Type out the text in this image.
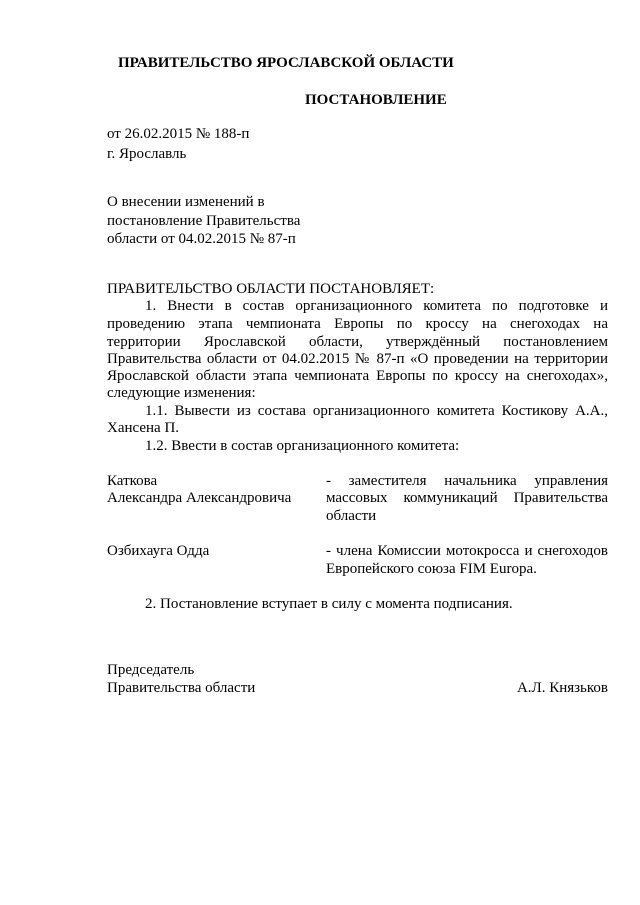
ПРАВИТЕЛЬСТВО ЯРОСЛАВСКОЙ ОБЛАСТИ
ПОСТАНОВЛЕНИЕ
от 26.02.2015 № 188-п
г. Ярославль
О внесении изменений в
постановление Правительства
области от 04.02.2015 № 87-п
ПРАВИТЕЛЬСТВО ОБЛАСТИ ПОСТАНОВЛЯЕТ:
1. Внести в состав организационного комитета по подготовке и
проведению этапа чемпионата Европы по кроссу на снегоходах на
территории Ярославской области, утверждённый постановлением
Правительства области от 04.02.2015 № 87-п «О проведении на территории
Ярославской области этапа чемпионата Европы по кроссу на снегоходах»,
следующие изменения:
1.1. Вывести из состава организационного комитета Костикову А.А.,
Хансена П.
1.2. Ввести в состав организационного комитета:
Каткова
Александра Александровича
- заместителя начальника управления
массовых коммуникаций Правительства
области
Озбихауга Одда	- члена Комиссии мотокросса и снегоходов
Европейского союза FIM Europa.
2. Постановление вступает в силу с момента подписания.
Председатель
Правительства области	А.Л. Князьков
